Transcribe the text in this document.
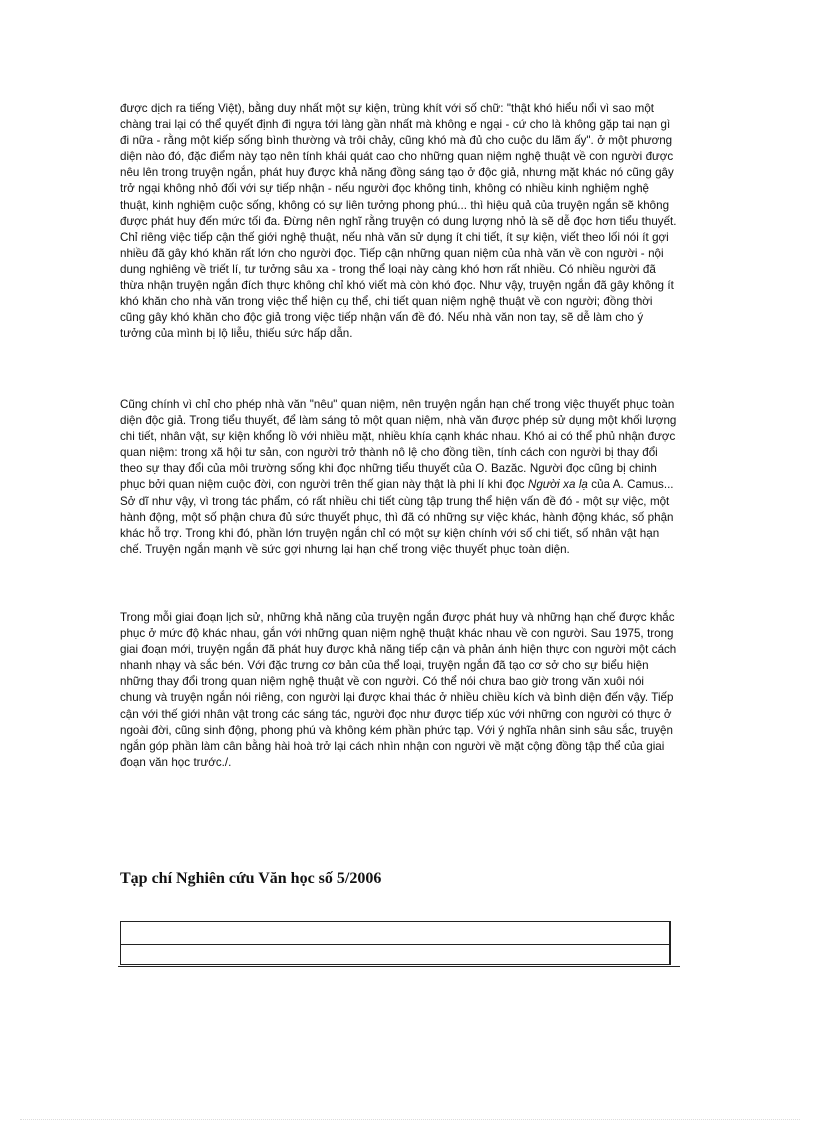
được dịch ra tiếng Việt), bằng duy nhất một sự kiện, trùng khít với số chữ: "thật khó hiểu nổi vì sao một chàng trai lại có thể quyết định đi ngựa tới làng gần nhất mà không e ngại - cứ cho là không gặp tai nạn gì đi nữa - rằng một kiếp sống bình thường và trôi chảy, cũng khó mà đủ cho cuộc du lãm ấy". ở một phương diện nào đó, đặc điểm này tạo nên tính khái quát cao cho những quan niệm nghệ thuật về con người được nêu lên trong truyện ngắn, phát huy được khả năng đồng sáng tạo ở độc giả, nhưng mặt khác nó cũng gây trở ngại không nhỏ đối với sự tiếp nhận - nếu người đọc không tinh, không có nhiều kinh nghiệm nghệ thuật, kinh nghiệm cuộc sống, không có sự liên tưởng phong phú... thì hiệu quả của truyện ngắn sẽ không được phát huy đến mức tối đa. Đừng nên nghĩ rằng truyện có dung lượng nhỏ là sẽ dễ đọc hơn tiểu thuyết. Chỉ riêng việc tiếp cận thế giới nghệ thuật, nếu nhà văn sử dụng ít chi tiết, ít sự kiện, viết theo lối nói ít gợi nhiều đã gây khó khăn rất lớn cho người đọc. Tiếp cận những quan niệm của nhà văn về con người - nội dung nghiêng về triết lí, tư tưởng sâu xa - trong thể loại này càng khó hơn rất nhiều. Có nhiều người đã thừa nhận truyện ngắn đích thực không chỉ khó viết mà còn khó đọc. Như vậy, truyện ngắn đã gây không ít khó khăn cho nhà văn trong việc thể hiện cụ thể, chi tiết quan niệm nghệ thuật về con người; đồng thời cũng gây khó khăn cho độc giả trong việc tiếp nhận vấn đề đó. Nếu nhà văn non tay, sẽ dễ làm cho ý tưởng của mình bị lộ liễu, thiếu sức hấp dẫn.

Cũng chính vì chỉ cho phép nhà văn "nêu" quan niệm, nên truyện ngắn hạn chế trong việc thuyết phục toàn diện độc giả. Trong tiểu thuyết, để làm sáng tỏ một quan niệm, nhà văn được phép sử dụng một khối lượng chi tiết, nhân vật, sự kiện khổng lồ với nhiều mặt, nhiều khía cạnh khác nhau. Khó ai có thể phủ nhận được quan niệm: trong xã hội tư sản, con người trở thành nô lệ cho đồng tiền, tính cách con người bị thay đổi theo sự thay đổi của môi trường sống khi đọc những tiểu thuyết của O. Bazăc. Người đọc cũng bị chinh phục bởi quan niệm cuộc đời, con người trên thế gian này thật là phi lí khi đọc Người xa lạ của A. Camus... Sở dĩ như vậy, vì trong tác phẩm, có rất nhiều chi tiết cùng tập trung thể hiện vấn đề đó - một sự việc, một hành động, một số phận chưa đủ sức thuyết phục, thì đã có những sự việc khác, hành động khác, số phận khác hỗ trợ. Trong khi đó, phần lớn truyện ngắn chỉ có một sự kiện chính với số chi tiết, số nhân vật hạn chế. Truyện ngắn mạnh về sức gợi nhưng lại hạn chế trong việc thuyết phục toàn diện.

Trong mỗi giai đoạn lịch sử, những khả năng của truyện ngắn được phát huy và những hạn chế được khắc phục ở mức độ khác nhau, gắn với những quan niệm nghệ thuật khác nhau về con người. Sau 1975, trong giai đoạn mới, truyện ngắn đã phát huy được khả năng tiếp cận và phản ánh hiện thực con người một cách nhanh nhạy và sắc bén. Với đặc trưng cơ bản của thể loại, truyện ngắn đã tạo cơ sở cho sự biểu hiện những thay đổi trong quan niệm nghệ thuật về con người. Có thể nói chưa bao giờ trong văn xuôi nói chung và truyện ngắn nói riêng, con người lại được khai thác ở nhiều chiều kích và bình diện đến vậy. Tiếp cận với thế giới nhân vật trong các sáng tác, người đọc như được tiếp xúc với những con người có thực ở ngoài đời, cũng sinh động, phong phú và không kém phần phức tạp. Với ý nghĩa nhân sinh sâu sắc, truyện ngắn góp phần làm cân bằng hài hoà trở lại cách nhìn nhận con người về mặt cộng đồng tập thể của giai đoạn văn học trước./.

Tạp chí Nghiên cứu Văn học số 5/2006
